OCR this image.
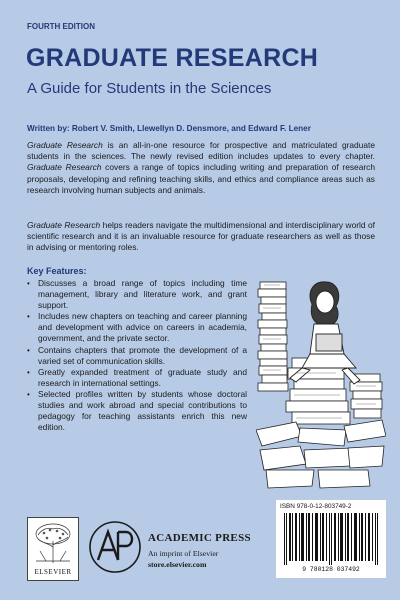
FOURTH EDITION
GRADUATE RESEARCH
A Guide for Students in the Sciences
Written by: Robert V. Smith, Llewellyn D. Densmore, and Edward F. Lener
Graduate Research is an all-in-one resource for prospective and matriculated graduate students in the sciences. The newly revised edition includes updates to every chapter. Graduate Research covers a range of topics including writing and preparation of research proposals, developing and refining teaching skills, and ethics and compliance areas such as research involving human subjects and animals.
Graduate Research helps readers navigate the multidimensional and interdisciplinary world of scientific research and it is an invaluable resource for graduate researchers as well as those in advising or mentoring roles.
Key Features:
• Discusses a broad range of topics including time management, library and literature work, and grant support.
• Includes new chapters on teaching and career planning and development with advice on careers in academia, government, and the private sector.
• Contains chapters that promote the development of a varied set of communication skills.
• Greatly expanded treatment of graduate study and research in international settings.
• Selected profiles written by students whose doctoral studies and work abroad and special contributions to pedagogy for teaching assistants enrich this new edition.
ELSEVIER
ACADEMIC PRESS
An imprint of Elsevier
store.elsevier.com
ISBN 978-0-12-803749-2
9 780128 037492
